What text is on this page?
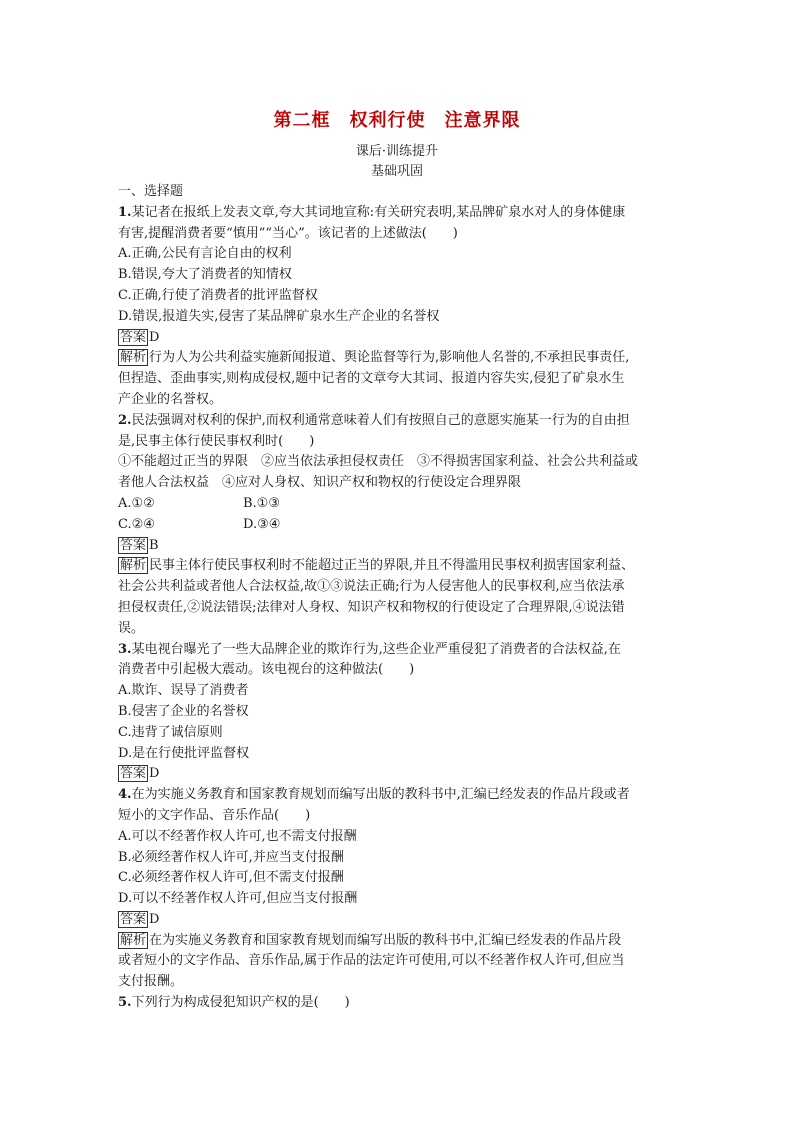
第二框　权利行使　注意界限
课后·训练提升
基础巩固

一、选择题

1.某记者在报纸上发表文章,夸大其词地宣称:有关研究表明,某品牌矿泉水对人的身体健康

有害,提醒消费者要“慎用”“当心”。该记者的上述做法(　　)

A.正确,公民有言论自由的权利

B.错误,夸大了消费者的知情权

C.正确,行使了消费者的批评监督权

D.错误,报道失实,侵害了某品牌矿泉水生产企业的名誉权

答案 D

解析 行为人为公共利益实施新闻报道、舆论监督等行为,影响他人名誉的,不承担民事责任,

但捏造、歪曲事实,则构成侵权,题中记者的文章夸大其词、报道内容失实,侵犯了矿泉水生

产企业的名誉权。

2.民法强调对权利的保护,而权利通常意味着人们有按照自己的意愿实施某一行为的自由担

是,民事主体行使民事权利时(　　)

①不能超过正当的界限　②应当依法承担侵权责任　③不得损害国家利益、社会公共利益或

者他人合法权益　④应对人身权、知识产权和物权的行使设定合理界限

A.①②	B.①③

C.②④	D.③④

答案 B

解析 民事主体行使民事权利时不能超过正当的界限,并且不得滥用民事权利损害国家利益、

社会公共利益或者他人合法权益,故①③说法正确;行为人侵害他人的民事权利,应当依法承

担侵权责任,②说法错误;法律对人身权、知识产权和物权的行使设定了合理界限,④说法错

误。

3.某电视台曝光了一些大品牌企业的欺诈行为,这些企业严重侵犯了消费者的合法权益,在

消费者中引起极大震动。该电视台的这种做法(　　)

A.欺诈、误导了消费者

B.侵害了企业的名誉权

C.违背了诚信原则

D.是在行使批评监督权

答案 D

4.在为实施义务教育和国家教育规划而编写出版的教科书中,汇编已经发表的作品片段或者

短小的文字作品、音乐作品(　　)

A.可以不经著作权人许可,也不需支付报酬

B.必须经著作权人许可,并应当支付报酬

C.必须经著作权人许可,但不需支付报酬

D.可以不经著作权人许可,但应当支付报酬

答案 D

解析 在为实施义务教育和国家教育规划而编写出版的教科书中,汇编已经发表的作品片段

或者短小的文字作品、音乐作品,属于作品的法定许可使用,可以不经著作权人许可,但应当

支付报酬。

5.下列行为构成侵犯知识产权的是(　　)
